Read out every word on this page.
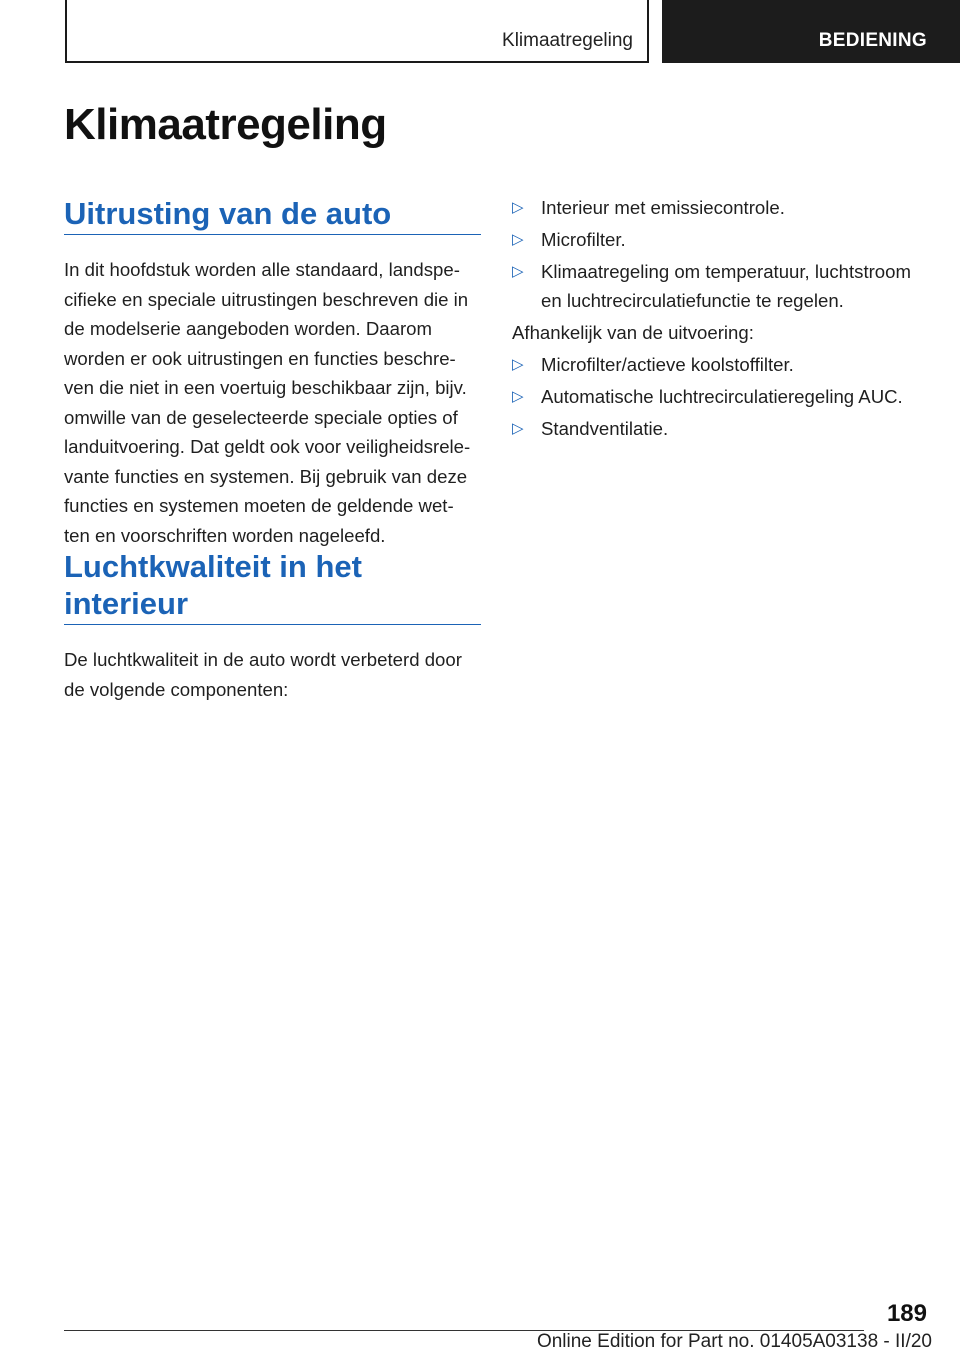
Klimaatregeling	BEDIENING
Klimaatregeling
Uitrusting van de auto
In dit hoofdstuk worden alle standaard, landspe-
cifieke en speciale uitrustingen beschreven die in
de modelserie aangeboden worden. Daarom
worden er ook uitrustingen en functies beschre-
ven die niet in een voertuig beschikbaar zijn, bijv.
omwille van de geselecteerde speciale opties of
landuitvoering. Dat geldt ook voor veiligheidsrele-
vante functies en systemen. Bij gebruik van deze
functies en systemen moeten de geldende wet-
ten en voorschriften worden nageleefd.
Luchtkwaliteit in het
interieur
De luchtkwaliteit in de auto wordt verbeterd door
de volgende componenten:
▷ Interieur met emissiecontrole.
▷ Microfilter.
▷ Klimaatregeling om temperatuur, luchtstroom
en luchtrecirculatiefunctie te regelen.
Afhankelijk van de uitvoering:
▷ Microfilter/actieve koolstoffilter.
▷ Automatische luchtrecirculatieregeling AUC.
▷ Standventilatie.
189
Online Edition for Part no. 01405A03138 - II/20
